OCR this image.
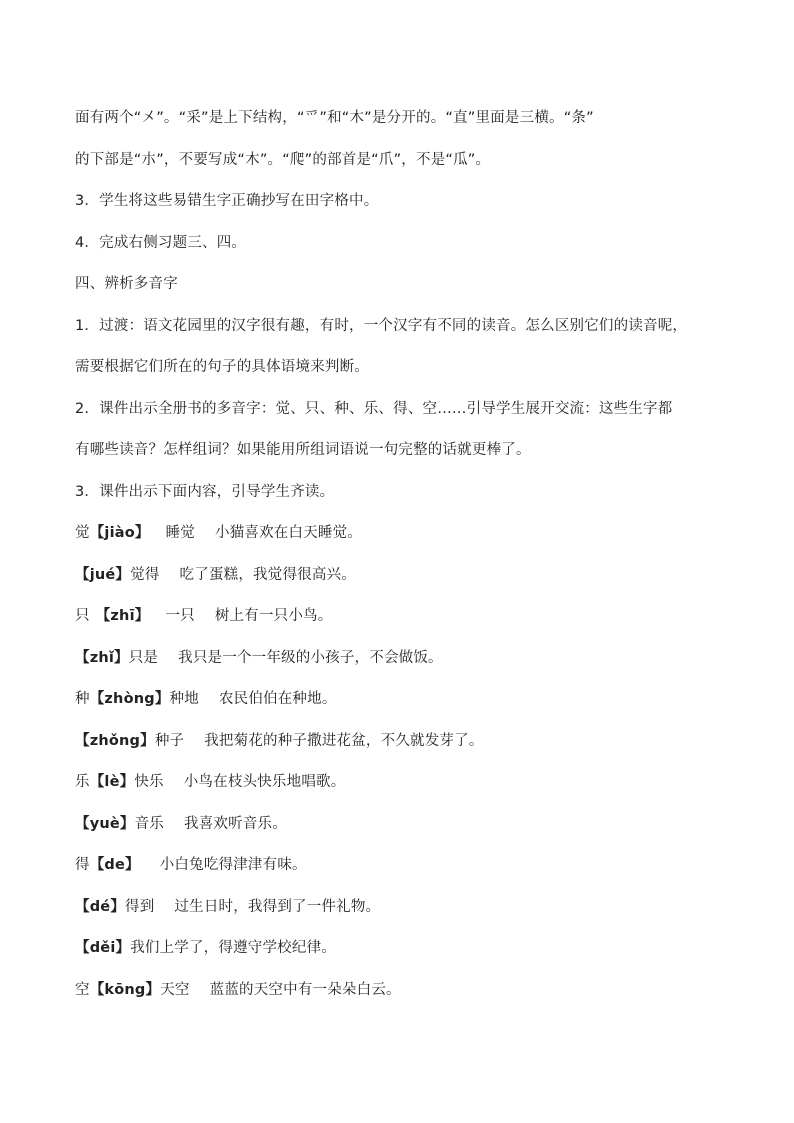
面有两个“㐅”。“采”是上下结构，“爫”和“木”是分开的。“直”里面是三横。“条”
的下部是“朩”，不要写成“木”。“爬”的部首是“爪”，不是“瓜”。
3．学生将这些易错生字正确抄写在田字格中。
4．完成右侧习题三、四。
四、辨析多音字
1．过渡：语文花园里的汉字很有趣，有时，一个汉字有不同的读音。怎么区别它们的读音呢，
需要根据它们所在的句子的具体语境来判断。
2．课件出示全册书的多音字：觉、只、种、乐、得、空……引导学生展开交流：这些生字都
有哪些读音？怎样组词？如果能用所组词语说一句完整的话就更棒了。
3．课件出示下面内容，引导学生齐读。
觉【jiào】 睡觉 小猫喜欢在白天睡觉。
【jué】觉得 吃了蛋糕，我觉得很高兴。
只 【zhī】 一只 树上有一只小鸟。
【zhǐ】只是 我只是一个一年级的小孩子，不会做饭。
种【zhòng】种地 农民伯伯在种地。
【zhǒng】种子 我把菊花的种子撒进花盆，不久就发芽了。
乐【lè】快乐 小鸟在枝头快乐地唱歌。
【yuè】音乐 我喜欢听音乐。
得【de】 小白兔吃得津津有味。
【dé】得到 过生日时，我得到了一件礼物。
【děi】我们上学了，得遵守学校纪律。
空【kōng】天空 蓝蓝的天空中有一朵朵白云。
